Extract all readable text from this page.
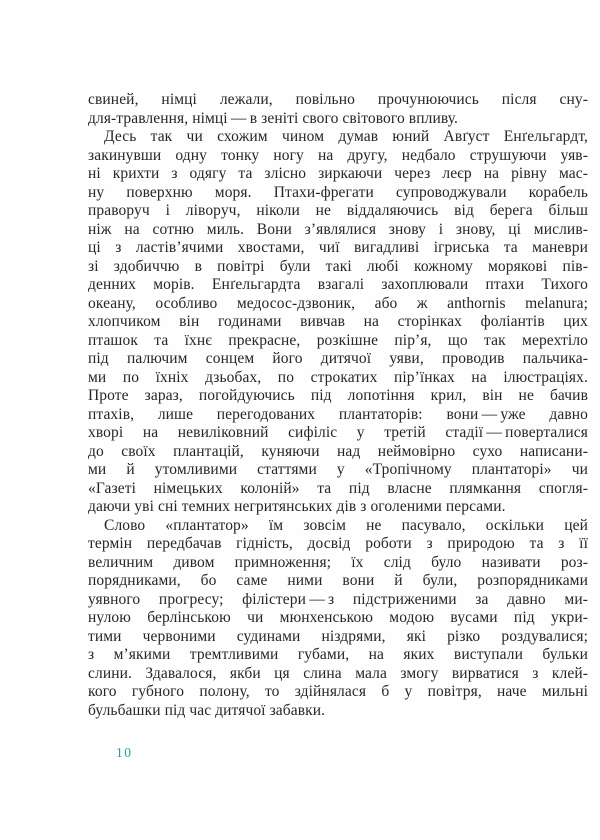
свиней, німці лежали, повільно прочунюючись після сну-
для-травлення, німці — в зеніті свого світового впливу.
Десь так чи схожим чином думав юний Авґуст Енґельгардт,
закинувши одну тонку ногу на другу, недбало струшуючи уяв-
ні крихти з одягу та злісно зиркаючи через леєр на рівну мас-
ну поверхню моря. Птахи-фрегати супроводжували корабель
праворуч і ліворуч, ніколи не віддаляючись від берега більш
ніж на сотню миль. Вони з’являлися знову і знову, ці мислив-
ці з ластів’ячими хвостами, чиї вигадливі ігриська та маневри
зі здобиччю в повітрі були такі любі кожному морякові пів-
денних морів. Енґельгардта взагалі захоплювали птахи Тихого
океану, особливо медосос-дзвоник, або ж anthornis melanura;
хлопчиком він годинами вивчав на сторінках фоліантів цих
пташок та їхнє прекрасне, розкішне пір’я, що так мерехтіло
під палючим сонцем його дитячої уяви, проводив пальчика-
ми по їхніх дзьобах, по строкатих пір’їнках на ілюстраціях.
Проте зараз, погойдуючись під лопотіння крил, він не бачив
птахів, лише перегодованих плантаторів: вони — уже давно
хворі на невиліковний сифіліс у третій стадії — поверталися
до своїх плантацій, куняючи над неймовірно сухо написани-
ми й утомливими статтями у «Тропічному плантаторі» чи
«Газеті німецьких колоній» та під власне плямкання спогля-
даючи уві сні темних негритянських дів з оголеними персами.
Слово «плантатор» їм зовсім не пасувало, оскільки цей
термін передбачав гідність, досвід роботи з природою та з її
величним дивом примноження; їх слід було називати роз-
порядниками, бо саме ними вони й були, розпорядниками
уявного прогресу; філістери — з підстриженими за давно ми-
нулою берлінською чи мюнхенською модою вусами під укри-
тими червоними судинами ніздрями, які різко роздувалися;
з м’якими тремтливими губами, на яких виступали бульки
слини. Здавалося, якби ця слина мала змогу вирватися з клей-
кого губного полону, то здійнялася б у повітря, наче мильні
бульбашки під час дитячої забавки.
10
